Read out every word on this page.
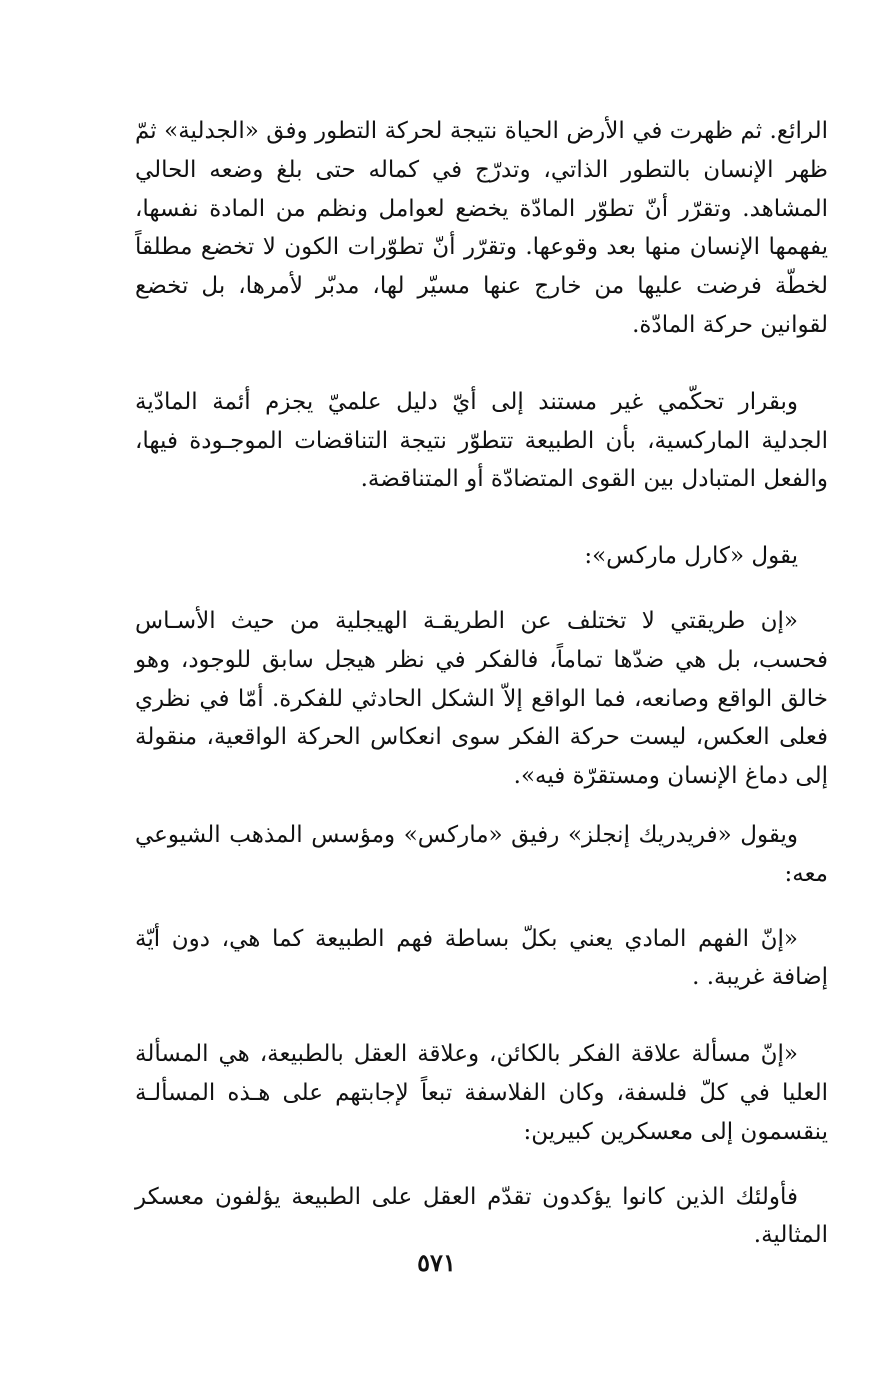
الرائع. ثم ظهرت في الأرض الحياة نتيجة لحركة التطور وفق «الجدلية» ثمّ ظهر الإنسان بالتطور الذاتي، وتدرّج في كماله حتى بلغ وضعه الحالي المشاهد. وتقرّر أنّ تطوّر المادّة يخضع لعوامل ونظم من المادة نفسها، يفهمها الإنسان منها بعد وقوعها. وتقرّر أنّ تطوّرات الكون لا تخضع مطلقاً لخطّة فرضت عليها من خارج عنها مسيّر لها، مدبّر لأمرها، بل تخضع لقوانين حركة المادّة.

وبقرار تحكّمي غير مستند إلى أيّ دليل علميّ يجزم أئمة المادّية الجدلية الماركسية، بأن الطبيعة تتطوّر نتيجة التناقضات الموجـودة فيها، والفعل المتبادل بين القوى المتضادّة أو المتناقضة.

يقول «كارل ماركس»:

«إن طريقتي لا تختلف عن الطريقـة الهيجلية من حيث الأسـاس فحسب، بل هي ضدّها تماماً، فالفكر في نظر هيجل سابق للوجود، وهو خالق الواقع وصانعه، فما الواقع إلاّ الشكل الحادثي للفكرة. أمّا في نظري فعلى العكس، ليست حركة الفكر سوى انعكاس الحركة الواقعية، منقولة إلى دماغ الإنسان ومستقرّة فيه».

ويقول «فريدريك إنجلز» رفيق «ماركس» ومؤسس المذهب الشيوعي معه:

«إنّ الفهم المادي يعني بكلّ بساطة فهم الطبيعة كما هي، دون أيّة إضافة غريبة. .

«إنّ مسألة علاقة الفكر بالكائن، وعلاقة العقل بالطبيعة، هي المسألة العليا في كلّ فلسفة، وكان الفلاسفة تبعاً لإجابتهم على هـذه المسألـة ينقسمون إلى معسكرين كبيرين:

فأولئك الذين كانوا يؤكدون تقدّم العقل على الطبيعة يؤلفون معسكر المثالية.

٥٧١
